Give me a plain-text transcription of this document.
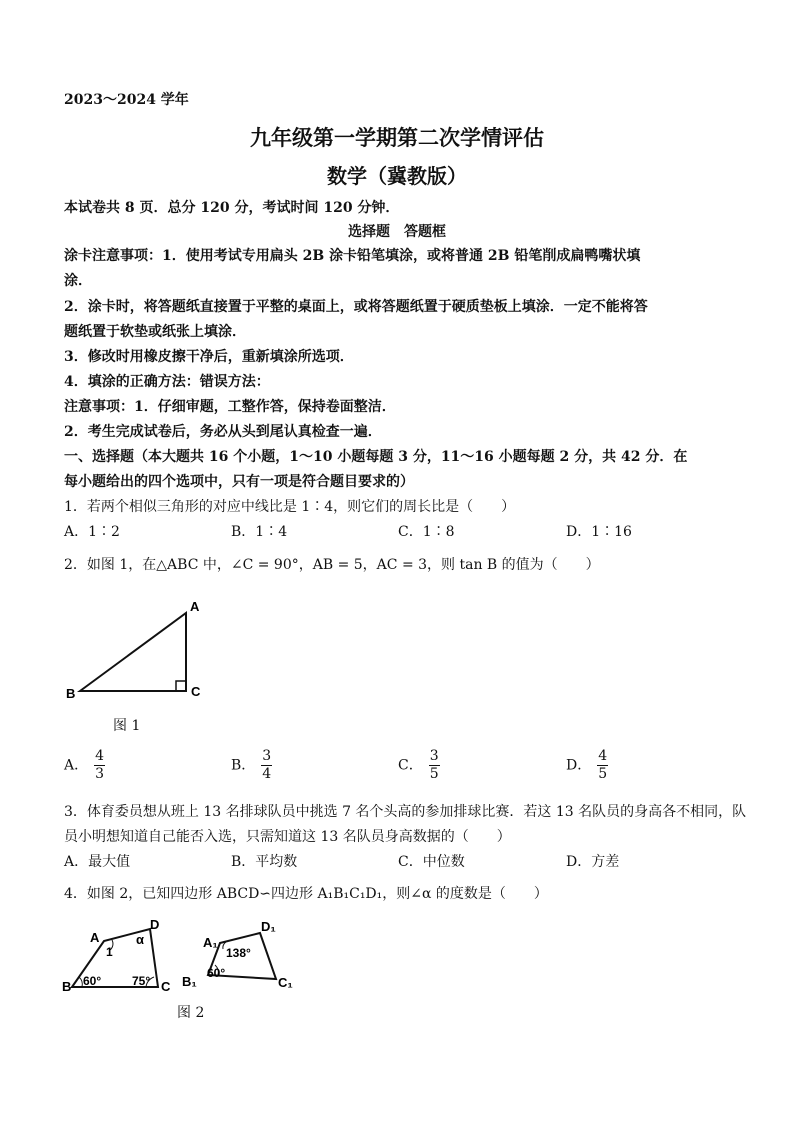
2023～2024 学年
九年级第一学期第二次学情评估
数学（冀教版）
本试卷共 8 页．总分 120 分，考试时间 120 分钟．
选择题　答题框
涂卡注意事项：1．使用考试专用扁头 2B 涂卡铅笔填涂，或将普通 2B 铅笔削成扁鸭嘴状填
涂．
2．涂卡时，将答题纸直接置于平整的桌面上，或将答题纸置于硬质垫板上填涂．一定不能将答
题纸置于软垫或纸张上填涂．
3．修改时用橡皮擦干净后，重新填涂所选项．
4．填涂的正确方法：错误方法：
注意事项：1．仔细审题，工整作答，保持卷面整洁．
2．考生完成试卷后，务必从头到尾认真检查一遍．
一、选择题（本大题共 16 个小题，1～10 小题每题 3 分，11～16 小题每题 2 分，共 42 分．在
每小题给出的四个选项中，只有一项是符合题目要求的）
1．若两个相似三角形的对应中线比是 1∶4，则它们的周长比是（　　）
A．1∶2	B．1∶4	C．1∶8	D．1∶16
2．如图 1，在△ABC 中，∠C = 90°，AB = 5，AC = 3，则 tan B 的值为（　　）
A
B	C
图 1
A． $\frac{4}{3}$	B． $\frac{3}{4}$	C． $\frac{3}{5}$	D． $\frac{4}{5}$
3．体育委员想从班上 13 名排球队员中挑选 7 名个头高的参加排球比赛．若这 13 名队员的身高各不相同，队
员小明想知道自己能否入选，只需知道这 13 名队员身高数据的（　　）
A．最大值	B．平均数	C．中位数	D．方差
4．如图 2，已知四边形 ABCD∽四边形 A₁B₁C₁D₁，则∠α 的度数是（　　）
A
B	C
D
1
α
60°	75°
A₁
B₁	C₁
D₁
138°
60°
图 2
